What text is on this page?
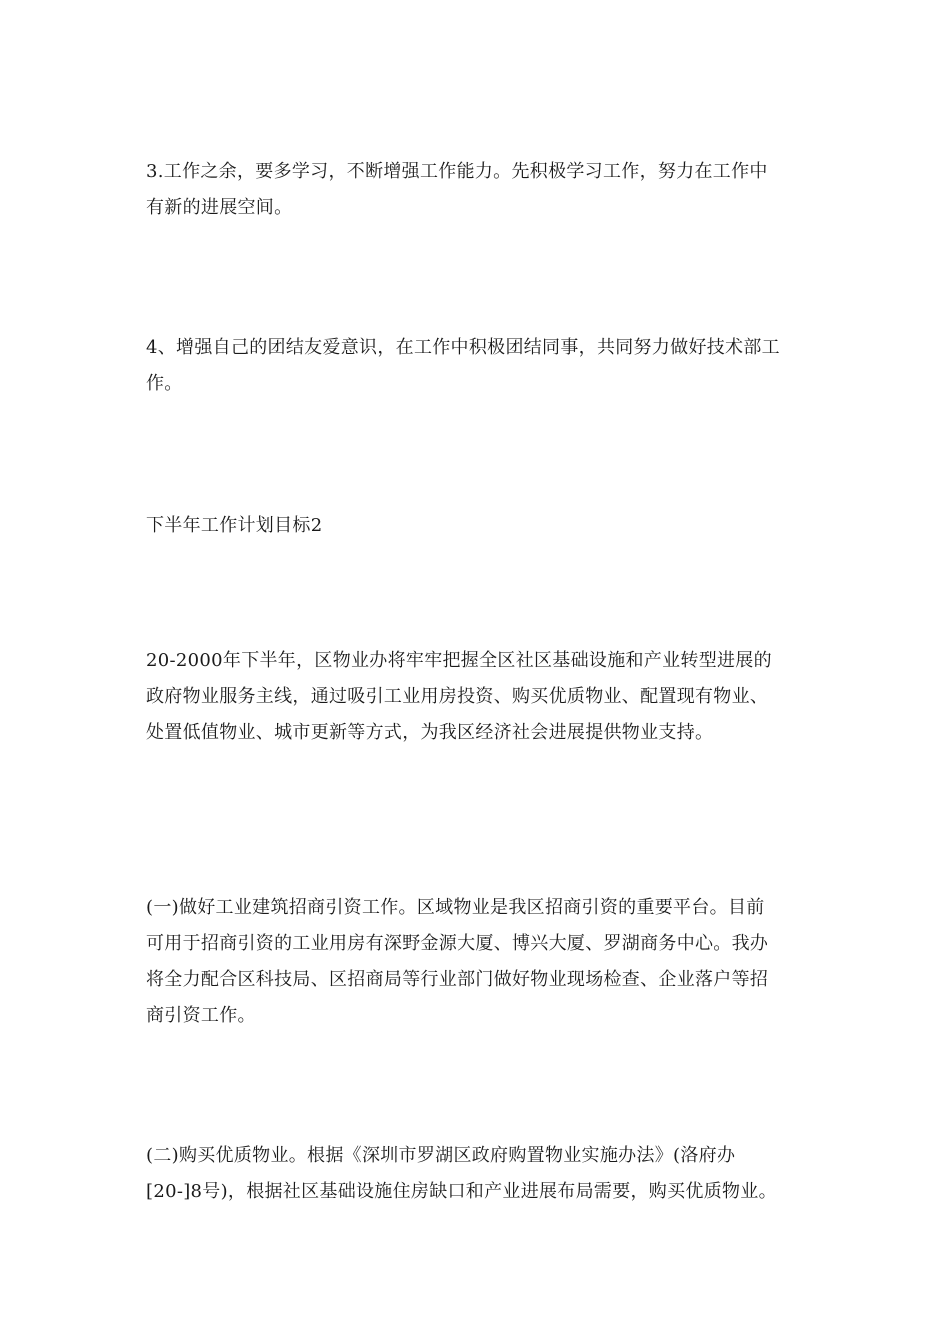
3.工作之余，要多学习，不断增强工作能力。先积极学习工作，努力在工作中
有新的进展空间。

4、增强自己的团结友爱意识，在工作中积极团结同事，共同努力做好技术部工
作。

下半年工作计划目标2

20-2000年下半年，区物业办将牢牢把握全区社区基础设施和产业转型进展的
政府物业服务主线，通过吸引工业用房投资、购买优质物业、配置现有物业、
处置低值物业、城市更新等方式，为我区经济社会进展提供物业支持。

(一)做好工业建筑招商引资工作。区域物业是我区招商引资的重要平台。目前
可用于招商引资的工业用房有深野金源大厦、博兴大厦、罗湖商务中心。我办
将全力配合区科技局、区招商局等行业部门做好物业现场检查、企业落户等招
商引资工作。

(二)购买优质物业。根据《深圳市罗湖区政府购置物业实施办法》(洛府办
[20-]8号)，根据社区基础设施住房缺口和产业进展布局需要，购买优质物业。
